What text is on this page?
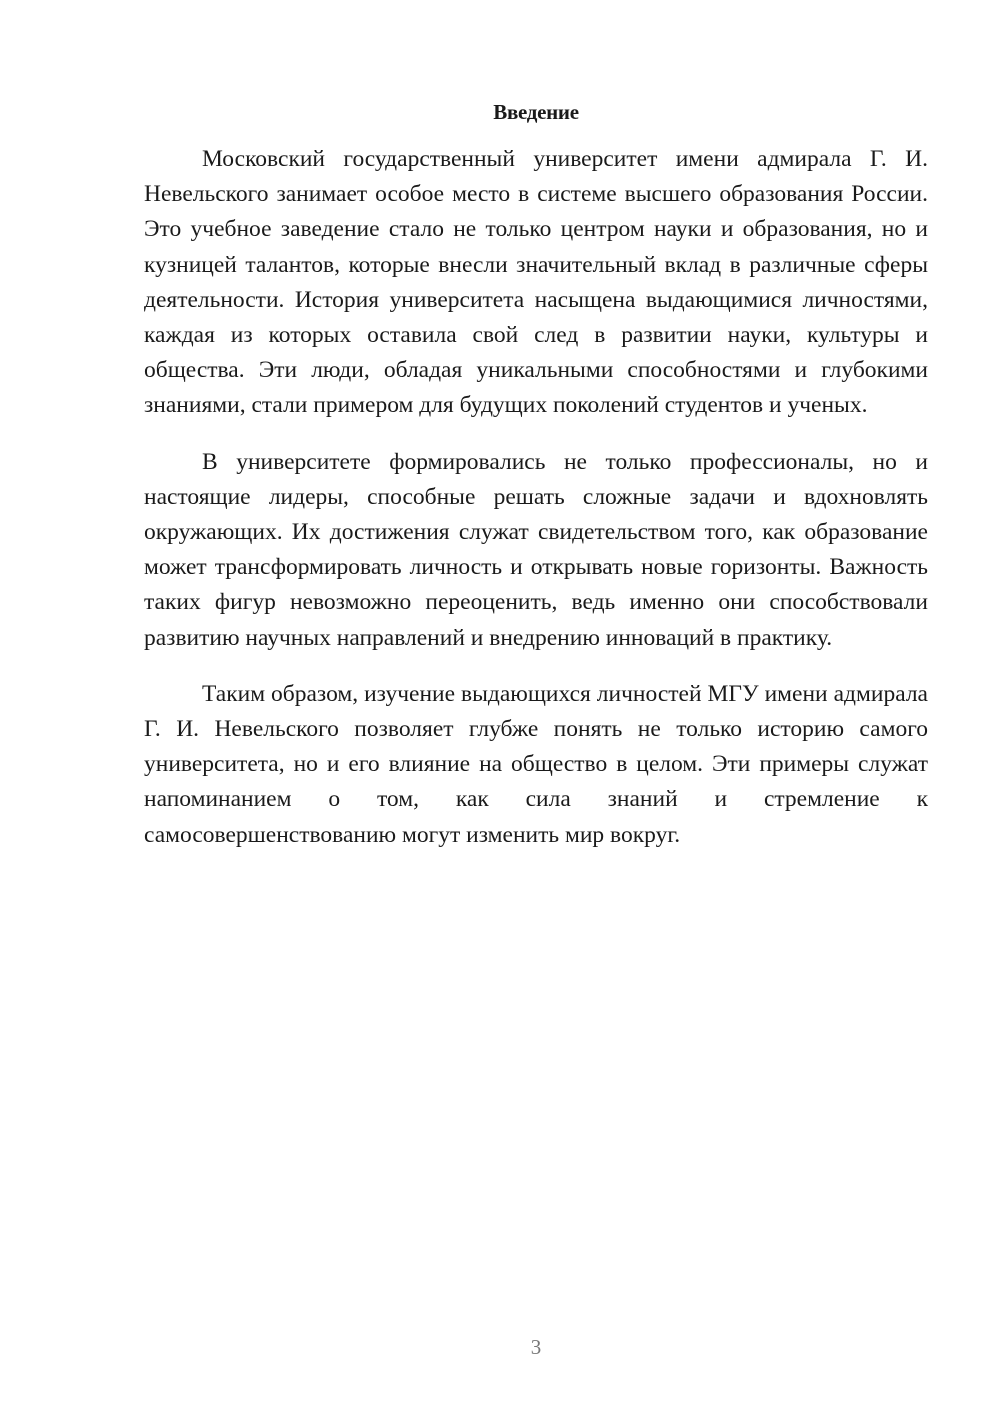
Введение

Московский государственный университет имени адмирала Г. И. Невельского занимает особое место в системе высшего образования России. Это учебное заведение стало не только центром науки и образования, но и кузницей талантов, которые внесли значительный вклад в различные сферы деятельности. История университета насыщена выдающимися личностями, каждая из которых оставила свой след в развитии науки, культуры и общества. Эти люди, обладая уникальными способностями и глубокими знаниями, стали примером для будущих поколений студентов и ученых.

В университете формировались не только профессионалы, но и настоящие лидеры, способные решать сложные задачи и вдохновлять окружающих. Их достижения служат свидетельством того, как образование может трансформировать личность и открывать новые горизонты. Важность таких фигур невозможно переоценить, ведь именно они способствовали развитию научных направлений и внедрению инноваций в практику.

Таким образом, изучение выдающихся личностей МГУ имени адмирала Г. И. Невельского позволяет глубже понять не только историю самого университета, но и его влияние на общество в целом. Эти примеры служат напоминанием о том, как сила знаний и стремление к самосовершенствованию могут изменить мир вокруг.

3
